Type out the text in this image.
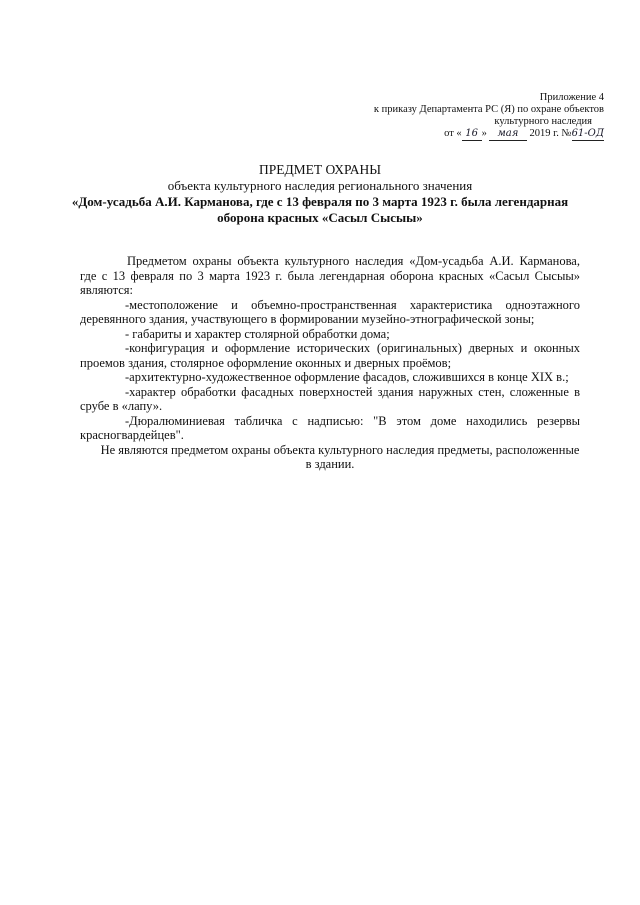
Приложение 4
к приказу Департамента РС (Я) по охране объектов
культурного наследия
от « 16 » мая 2019 г. №61-ОД
ПРЕДМЕТ ОХРАНЫ
объекта культурного наследия регионального значения
«Дом-усадьба А.И. Карманова, где с 13 февраля по 3 марта 1923 г. была легендарная оборона красных «Сасыл Сысыы»

Предметом охраны объекта культурного наследия «Дом-усадьба А.И. Карманова, где с 13 февраля по 3 марта 1923 г. была легендарная оборона красных «Сасыл Сысыы» являются:

-местоположение и объемно-пространственная характеристика одноэтажного деревянного здания, участвующего в формировании музейно-этнографической зоны;

- габариты и характер столярной обработки дома;

-конфигурация и оформление исторических (оригинальных) дверных и оконных проемов здания, столярное оформление оконных и дверных проёмов;

-архитектурно-художественное оформление фасадов, сложившихся в конце XIX в.;

-характер обработки фасадных поверхностей здания наружных стен, сложенные в срубе в «лапу».

-Дюралюминиевая табличка с надписью: "В этом доме находились резервы красногвардейцев".

Не являются предметом охраны объекта культурного наследия предметы, расположенные в здании.
